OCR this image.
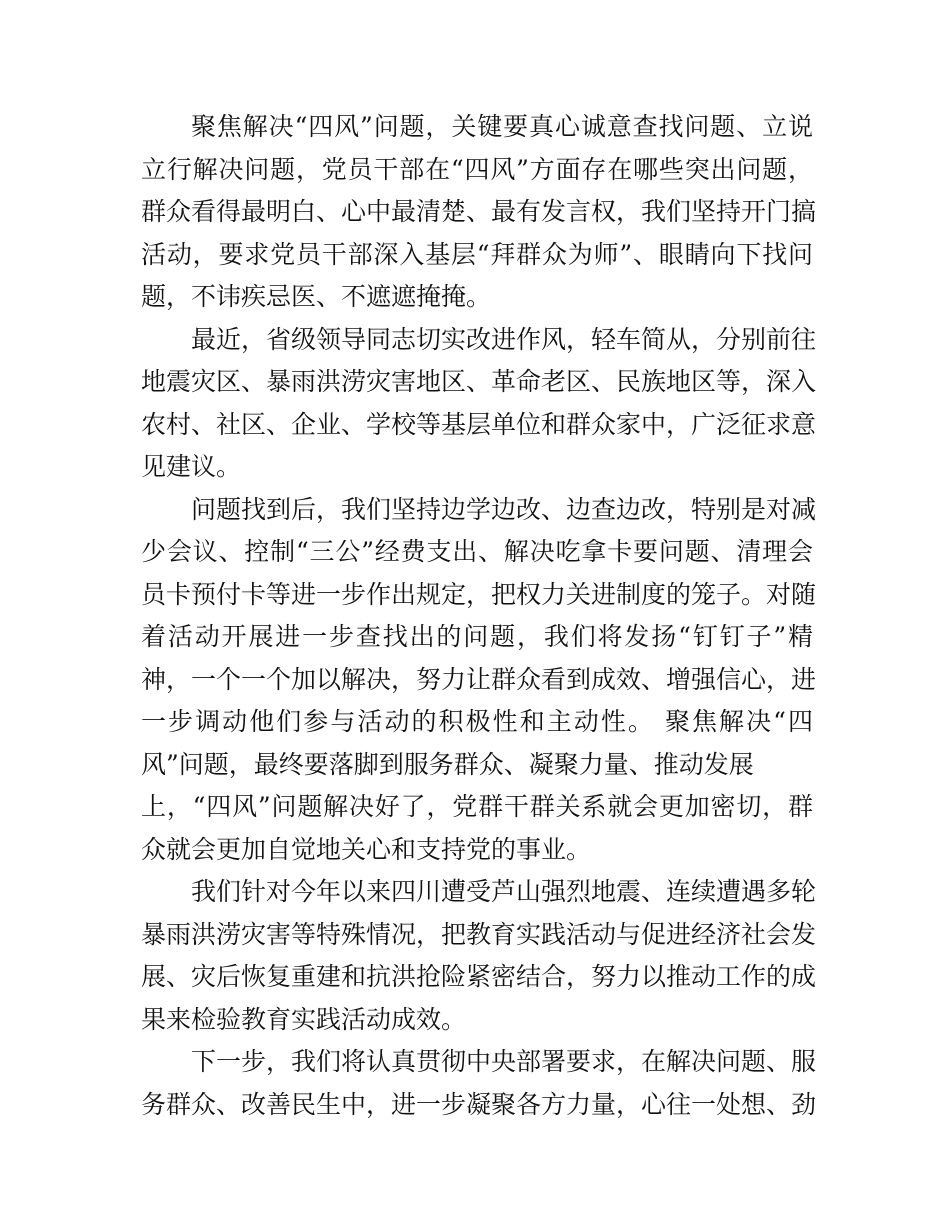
聚焦解决“四风”问题，关键要真心诚意查找问题、立说
立行解决问题，党员干部在“四风”方面存在哪些突出问题，
群众看得最明白、心中最清楚、最有发言权，我们坚持开门搞
活动，要求党员干部深入基层“拜群众为师”、眼睛向下找问
题，不讳疾忌医、不遮遮掩掩。
最近，省级领导同志切实改进作风，轻车简从，分别前往
地震灾区、暴雨洪涝灾害地区、革命老区、民族地区等，深入
农村、社区、企业、学校等基层单位和群众家中，广泛征求意
见建议。
问题找到后，我们坚持边学边改、边查边改，特别是对减
少会议、控制“三公”经费支出、解决吃拿卡要问题、清理会
员卡预付卡等进一步作出规定，把权力关进制度的笼子。对随
着活动开展进一步查找出的问题，我们将发扬“钉钉子”精
神，一个一个加以解决，努力让群众看到成效、增强信心，进
一步调动他们参与活动的积极性和主动性。 聚焦解决“四
风”问题，最终要落脚到服务群众、凝聚力量、推动发展
上，“四风”问题解决好了，党群干群关系就会更加密切，群
众就会更加自觉地关心和支持党的事业。
我们针对今年以来四川遭受芦山强烈地震、连续遭遇多轮
暴雨洪涝灾害等特殊情况，把教育实践活动与促进经济社会发
展、灾后恢复重建和抗洪抢险紧密结合，努力以推动工作的成
果来检验教育实践活动成效。
下一步，我们将认真贯彻中央部署要求，在解决问题、服
务群众、改善民生中，进一步凝聚各方力量，心往一处想、劲
